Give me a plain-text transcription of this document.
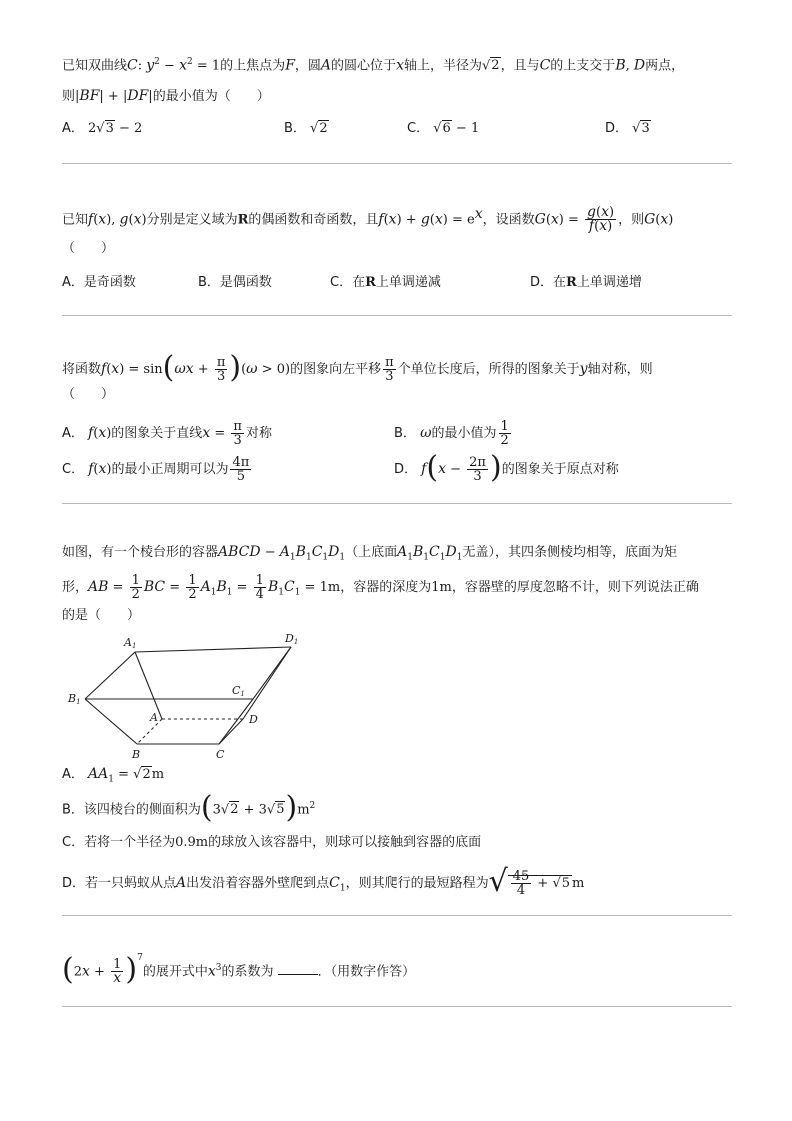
已知双曲线C: $y^2 - x^2 = 1$的上焦点为F，圆A的圆心位于x轴上，半径为√2，且与C的上支交于B, D两点，
则|BF| + |DF|的最小值为（　　）
A． 2√3 − 2	B． √2	C． √6 − 1	D． √3
已知f(x), g(x)分别是定义域为R的偶函数和奇函数，且$f(x) + g(x) = e^x$，设函数$G(x) = \frac{g(x)}{f(x)}$ ，则G(x)
（　　）
A．是奇函数	B．是偶函数	C．在R上单调递减	D．在R上单调递增
将函数$f(x) = \sin(\omega x + \frac{\pi}{3} )(\omega > 0)$的图象向左平移 $\frac{\pi}{3}$ 个单位长度后，所得的图象关于y轴对称，则
（　　）
A． f(x)的图象关于直线$x = \frac{\pi}{3}$ 对称	B． ω的最小值为 $\frac{1}{2}$
C． f(x)的最小正周期可以为 $\frac{4\pi}{5}$	D． $f(x - \frac{2\pi}{3}$ )的图象关于原点对称
如图，有一个棱台形的容器ABCD − $A_1B_1C_1D_1$（上底面$A_1B_1C_1D_1$无盖），其四条侧棱均相等，底面为矩
形，AB = $\frac{1}{2}$ BC = $\frac{1}{2} A_1B_1 = \frac{1}{4} B_1C_1 = 1m$，容器的深度为1m，容器壁的厚度忽略不计，则下列说法正确
的是（　　）
A1
D1
B1
C1
A	D
B	C
A． $AA_1 = √2m$
B．该四棱台的侧面积为$(3√2 + 3√5)m^2$
C．若将一个半径为0.9m的球放入该容器中，则球可以接触到容器的底面
D．若一只蚂蚁从点A出发沿着容器外壁爬到点$C_1$，则其爬行的最短路程为√ $\frac{45}{4} + √5$ m
$(2x + \frac{1}{x} )^7$的展开式中$x^3$的系数为	．（用数字作答）
